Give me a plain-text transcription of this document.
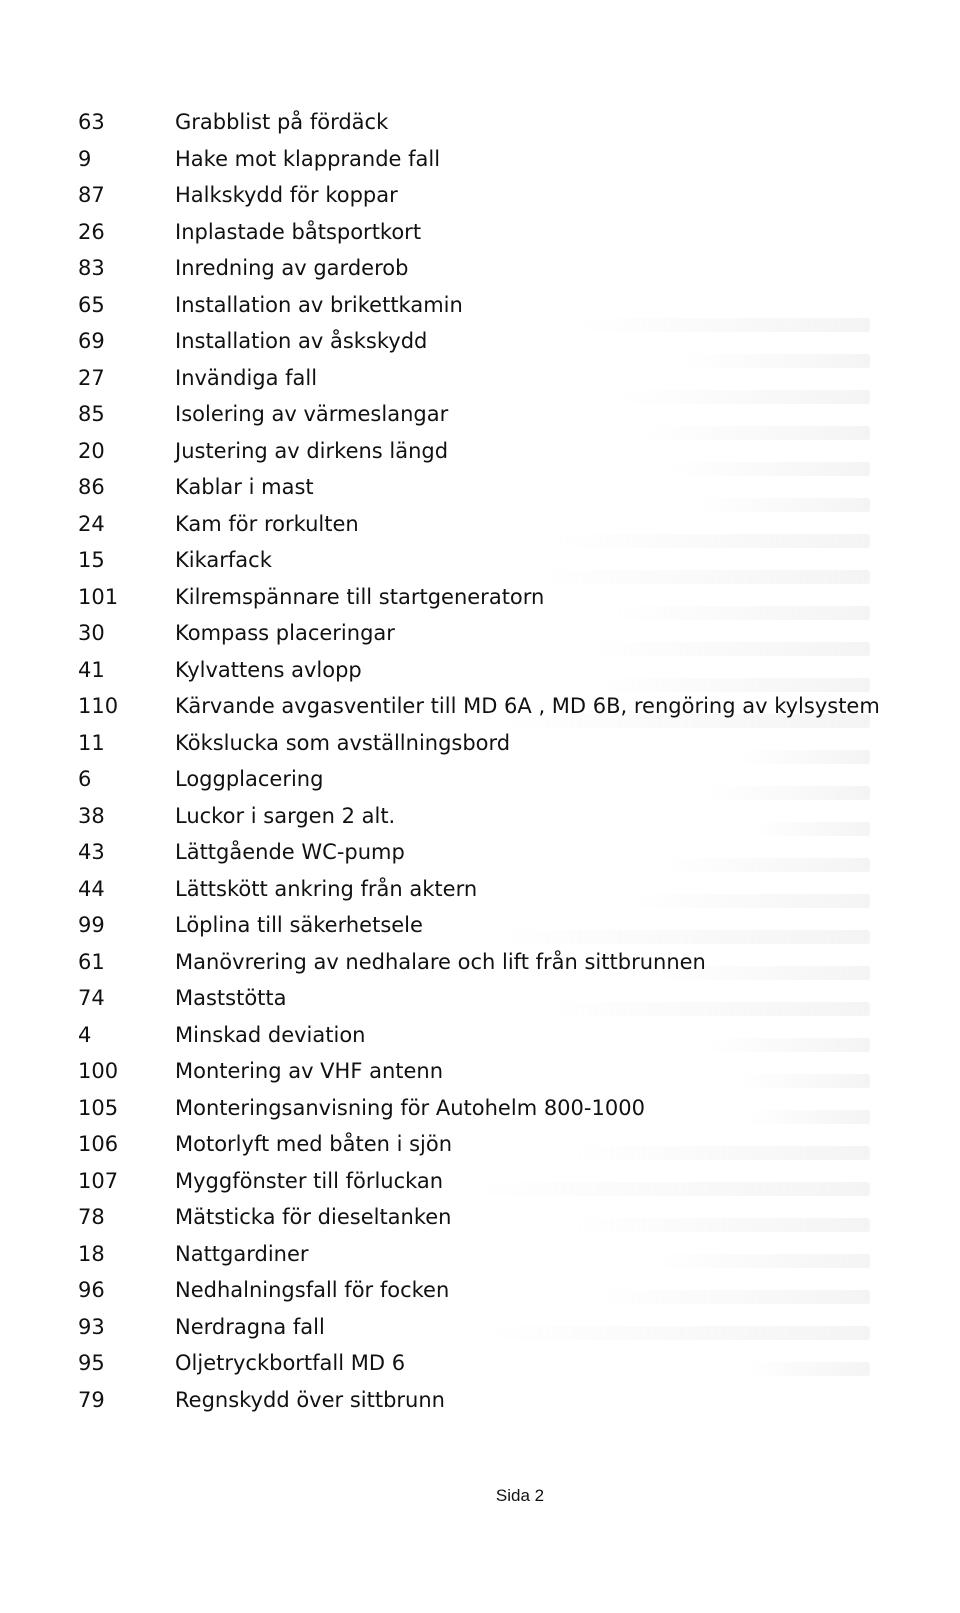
63	Grabblist på fördäck
9	Hake mot klapprande fall
87	Halkskydd för koppar
26	Inplastade båtsportkort
83	Inredning av garderob
65	Installation av brikettkamin
69	Installation av åskskydd
27	Invändiga fall
85	Isolering av värmeslangar
20	Justering av dirkens längd
86	Kablar i mast
24	Kam för rorkulten
15	Kikarfack
101	Kilremspännare till startgeneratorn
30	Kompass placeringar
41	Kylvattens avlopp
110	Kärvande avgasventiler till MD 6A , MD 6B, rengöring av kylsystem
11	Kökslucka som avställningsbord
6	Loggplacering
38	Luckor i sargen 2 alt.
43	Lättgående WC-pump
44	Lättskött ankring från aktern
99	Löplina till säkerhetsele
61	Manövrering av nedhalare och lift från sittbrunnen
74	Maststötta
4	Minskad deviation
100	Montering av VHF antenn
105	Monteringsanvisning för Autohelm 800-1000
106	Motorlyft med båten i sjön
107	Myggfönster till förluckan
78	Mätsticka för dieseltanken
18	Nattgardiner
96	Nedhalningsfall för focken
93	Nerdragna fall
95	Oljetryckbortfall MD 6
79	Regnskydd över sittbrunn
Sida 2
